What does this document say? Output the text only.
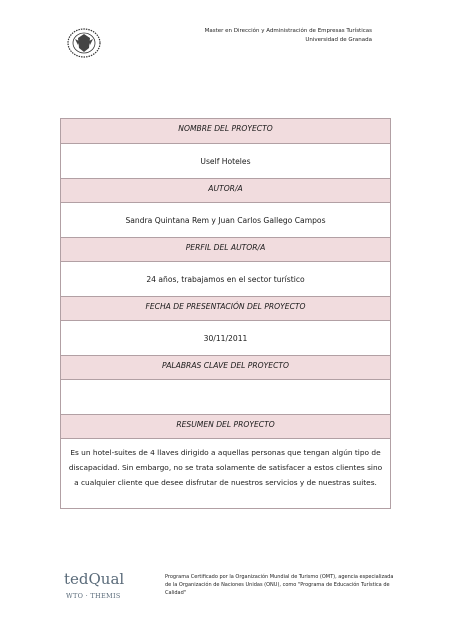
Master en Dirección y Administración de Empresas Turísticas
Universidad de Granada
NOMBRE DEL PROYECTO
Uself Hoteles
AUTOR/A
Sandra Quintana Rem y Juan Carlos Gallego Campos
PERFIL DEL AUTOR/A
24 años, trabajamos en el sector turístico
FECHA DE PRESENTACIÓN DEL PROYECTO
30/11/2011
PALABRAS CLAVE DEL PROYECTO
RESUMEN DEL PROYECTO
Es un hotel-suites de 4 llaves dirigido a aquellas personas que tengan algún tipo de discapacidad. Sin embargo, no se trata solamente de satisfacer a estos clientes sino a cualquier cliente que desee disfrutar de nuestros servicios y de nuestras suites.
tedQual
WTO · THEMIS
Programa Certificado por la Organización Mundial de Turismo (OMT), agencia especializada de la Organización de Naciones Unidas (ONU), como "Programa de Educación Turística de Calidad"
